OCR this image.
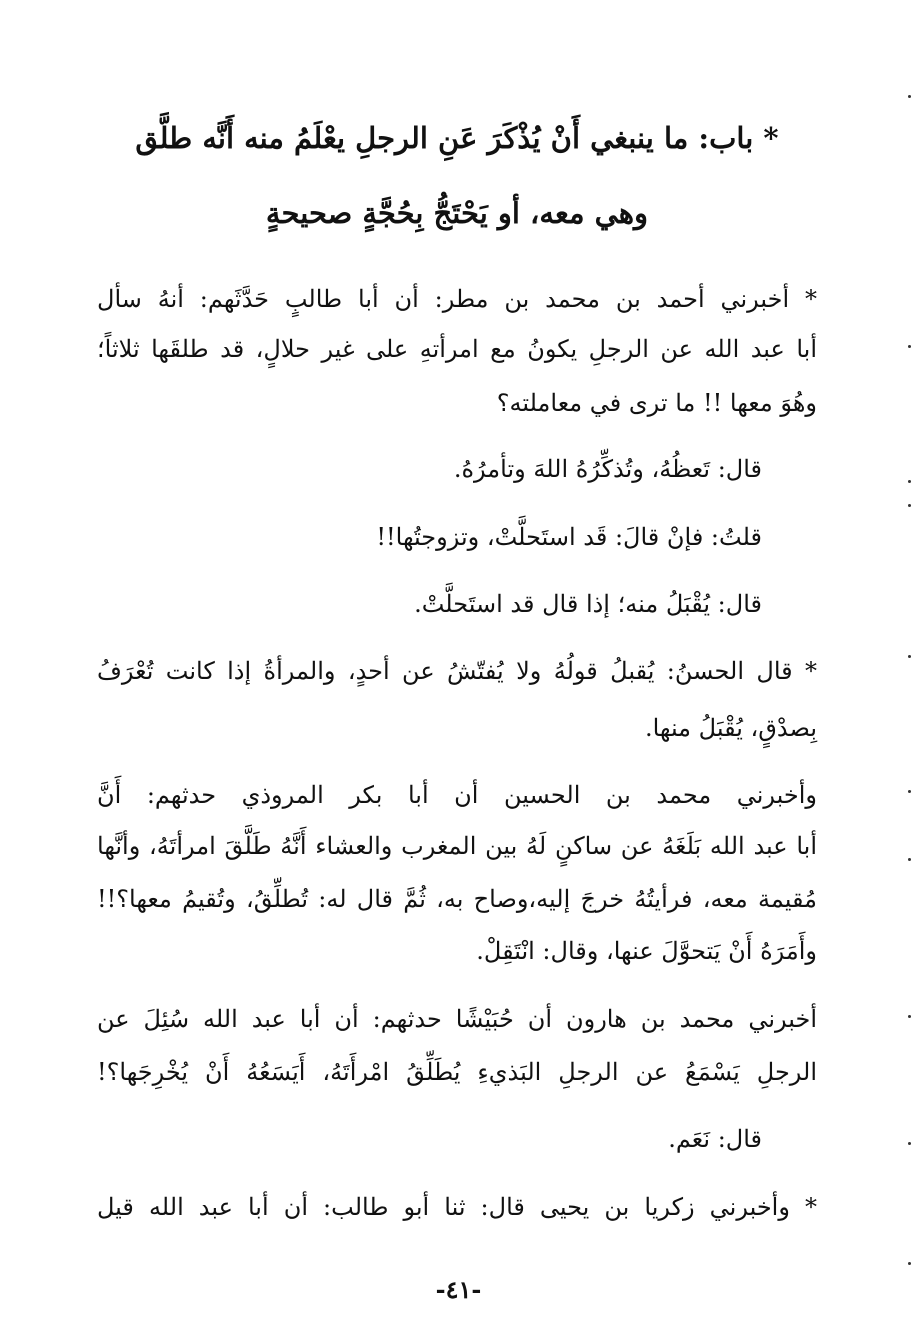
* باب: ما ينبغي أَنْ يُذْكَرَ عَنِ الرجلِ يعْلَمُ منه أَنَّه طلَّق
وهي معه، أو يَحْتَجُّ بِحُجَّةٍ صحيحةٍ
* أخبرني أحمد بن محمد بن مطر: أن أبا طالبٍ حَدَّثَهم: أنهُ سأل
أبا عبد الله عن الرجلِ يكونُ مع امرأتهِ على غير حلالٍ، قد طلقَها ثلاثاً؛
وهُوَ معها !! ما ترى في معاملته؟
قال: تَعظُهُ، وتُذكِّرُهُ اللهَ وتأمرُهُ.
قلتُ: فإنْ قالَ: قَد استَحلَّتْ، وتزوجتُها!!
قال: يُقْبَلُ منه؛ إذا قال قد استَحلَّتْ.
* قال الحسنُ: يُقبلُ قولُهُ ولا يُفتّشُ عن أحدٍ، والمرأةُ إذا كانت تُعْرَفُ
بِصدْقٍ، يُقْبَلُ منها.
وأخبرني محمد بن الحسين أن أبا بكر المروذي حدثهم: أَنَّ
أبا عبد الله بَلَغَهُ عن ساكنٍ لَهُ بين المغرب والعشاء أَنَّهُ طَلَّقَ امرأتَهُ، وأنَّها
مُقيمة معه، فرأيتُهُ خرجَ إليه،وصاح به، ثُمَّ قال له: تُطلِّقُ، وتُقيمُ معها؟!!
وأَمَرَهُ أَنْ يَتحوَّلَ عنها، وقال: انْتَقِلْ.
أخبرني محمد بن هارون أن حُبَيْشًا حدثهم: أن أبا عبد الله سُئِلَ عن
الرجلِ يَسْمَعُ عن الرجلِ البَذيءِ يُطَلِّقُ امْرأَتَهُ، أَيَسَعُهُ أَنْ يُخْرِجَها؟!
قال: نَعَم.
* وأخبرني زكريا بن يحيى قال: ثنا أبو طالب: أن أبا عبد الله قيل
-٤١-
